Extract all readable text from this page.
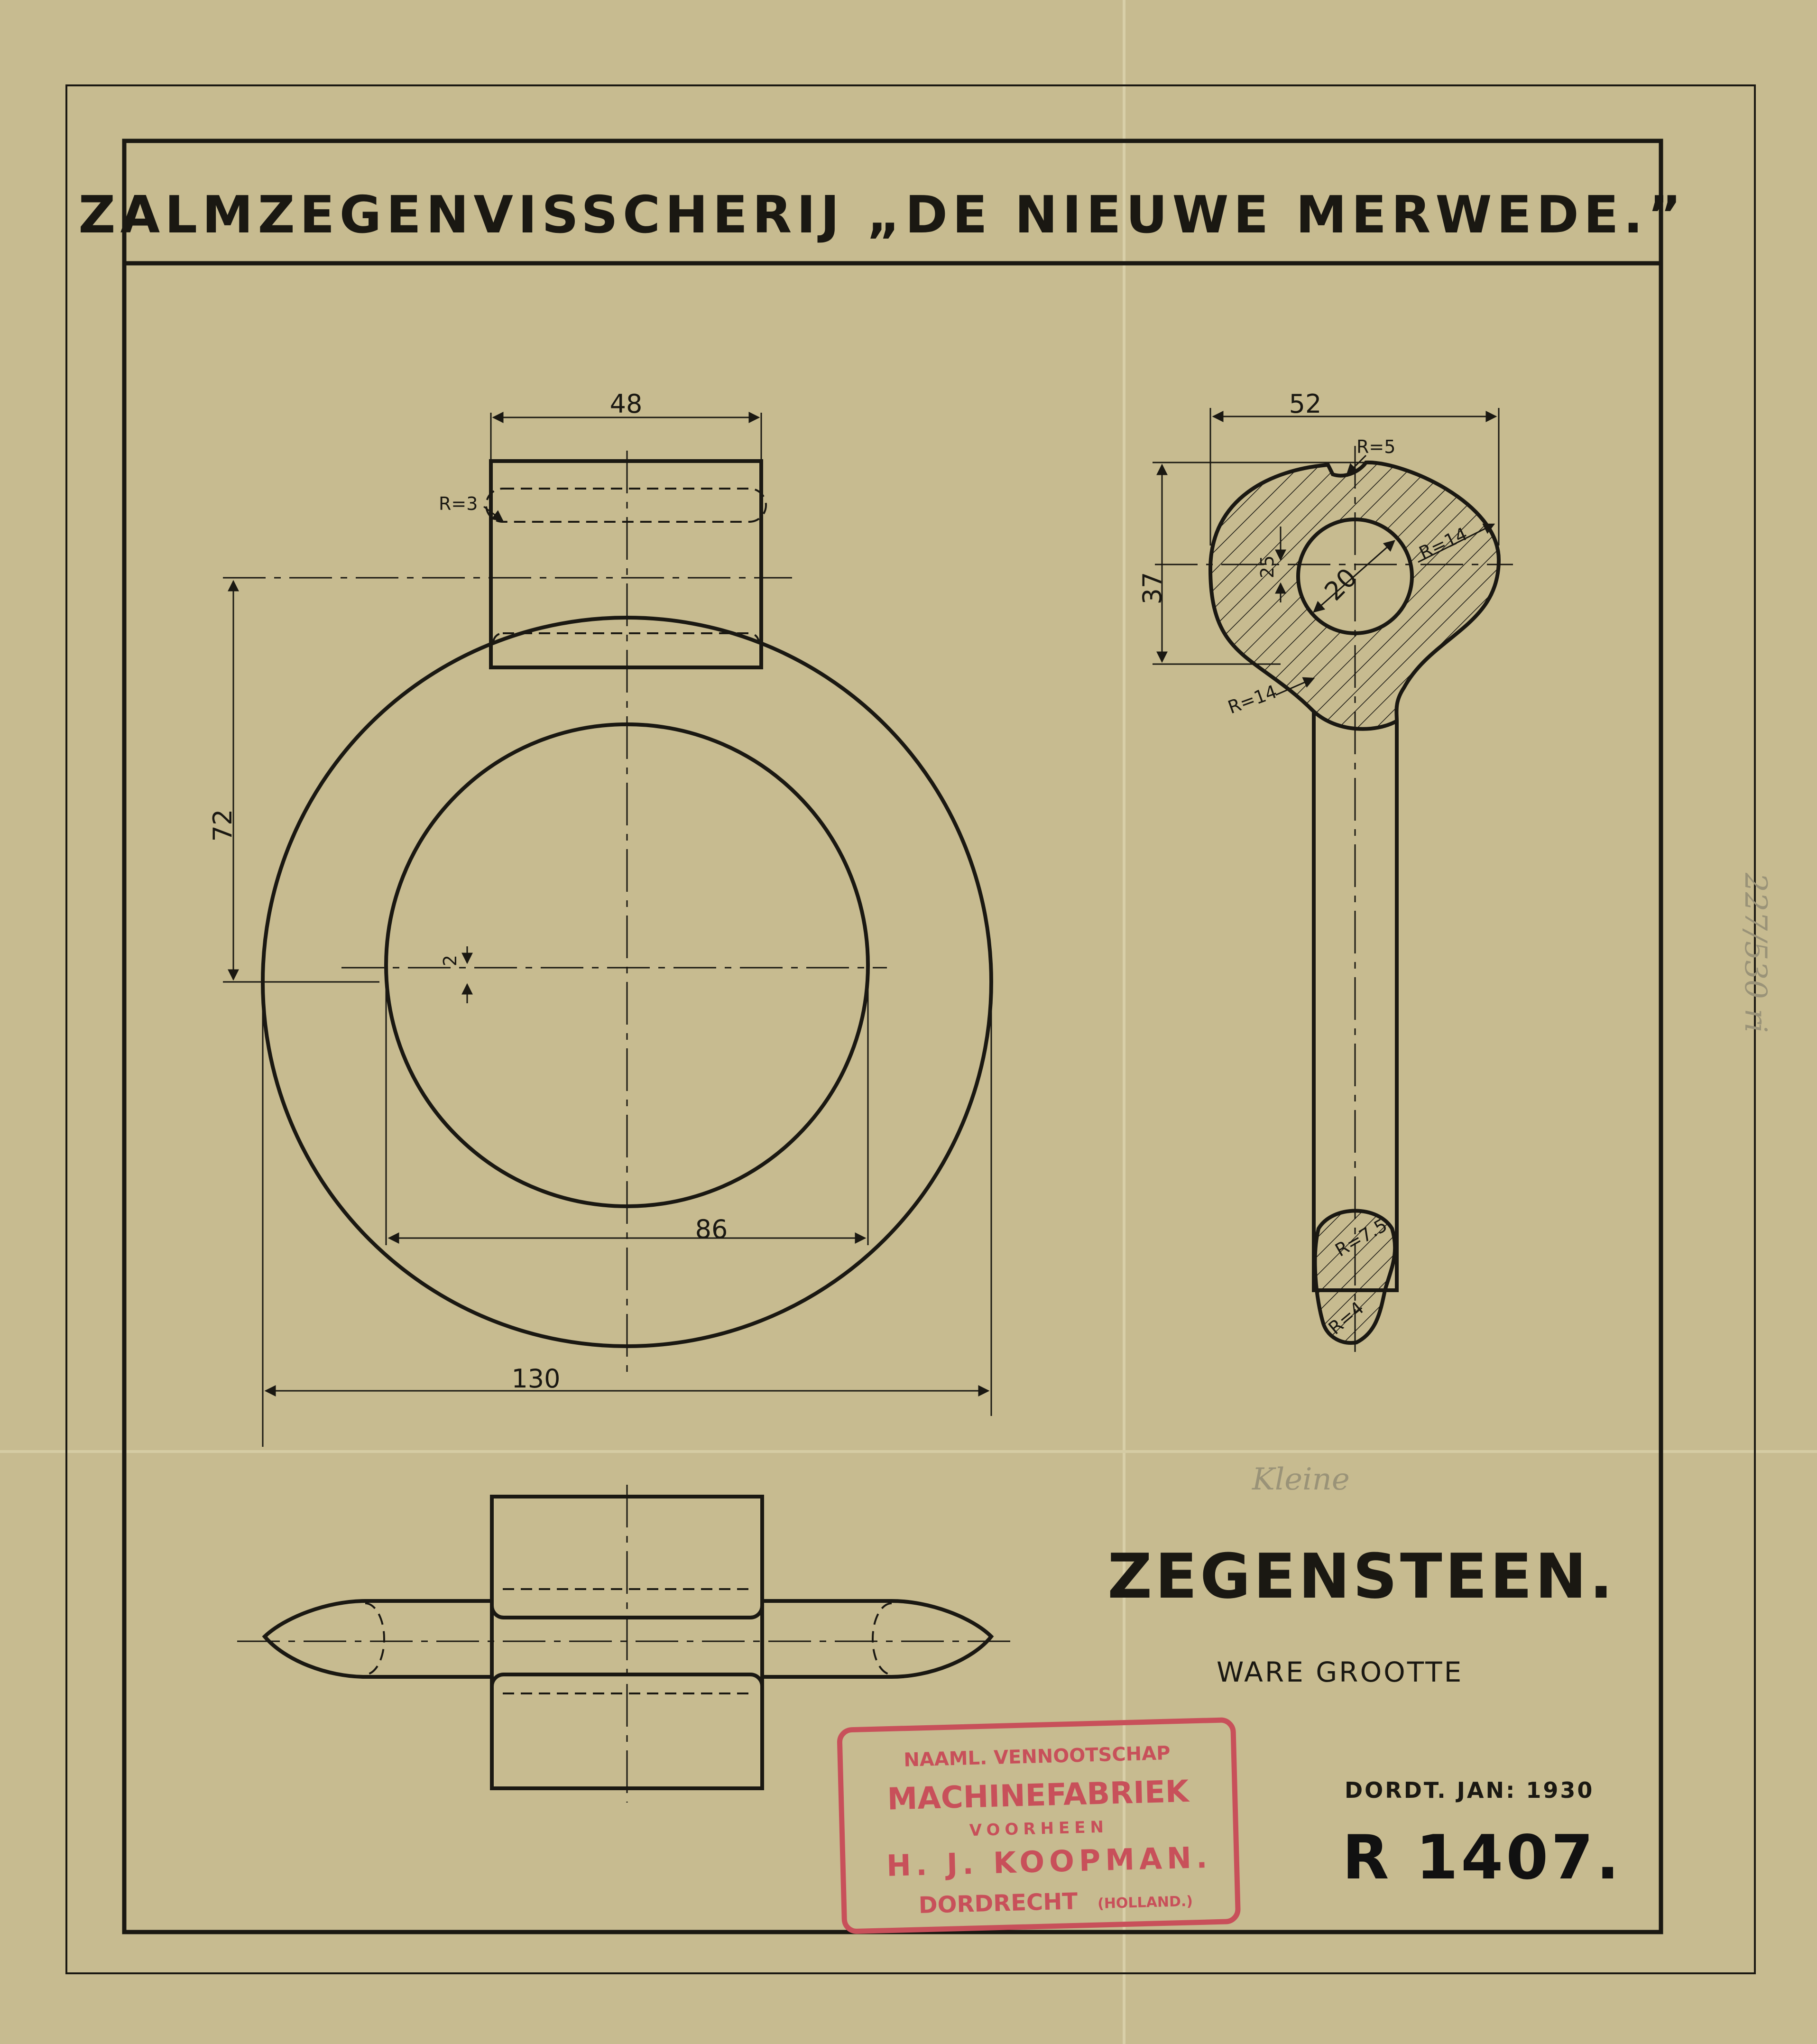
ZALMZEGENVISSCHERIJ „DE NIEUWE MERWEDE.”
48
72
2
86
130
R=3
52
37
25 20
R=5
R=14
R=14
R=7.5
R=4
ZEGENSTEEN.
WARE GROOTTE
DORDT. JAN: 1930
R 1407.
Kleine
227/530 ri
NAAML. VENNOOTSCHAP
MACHINEFABRIEK
VOORHEEN
H. J. KOOPMAN.
DORDRECHT (HOLLAND.)
